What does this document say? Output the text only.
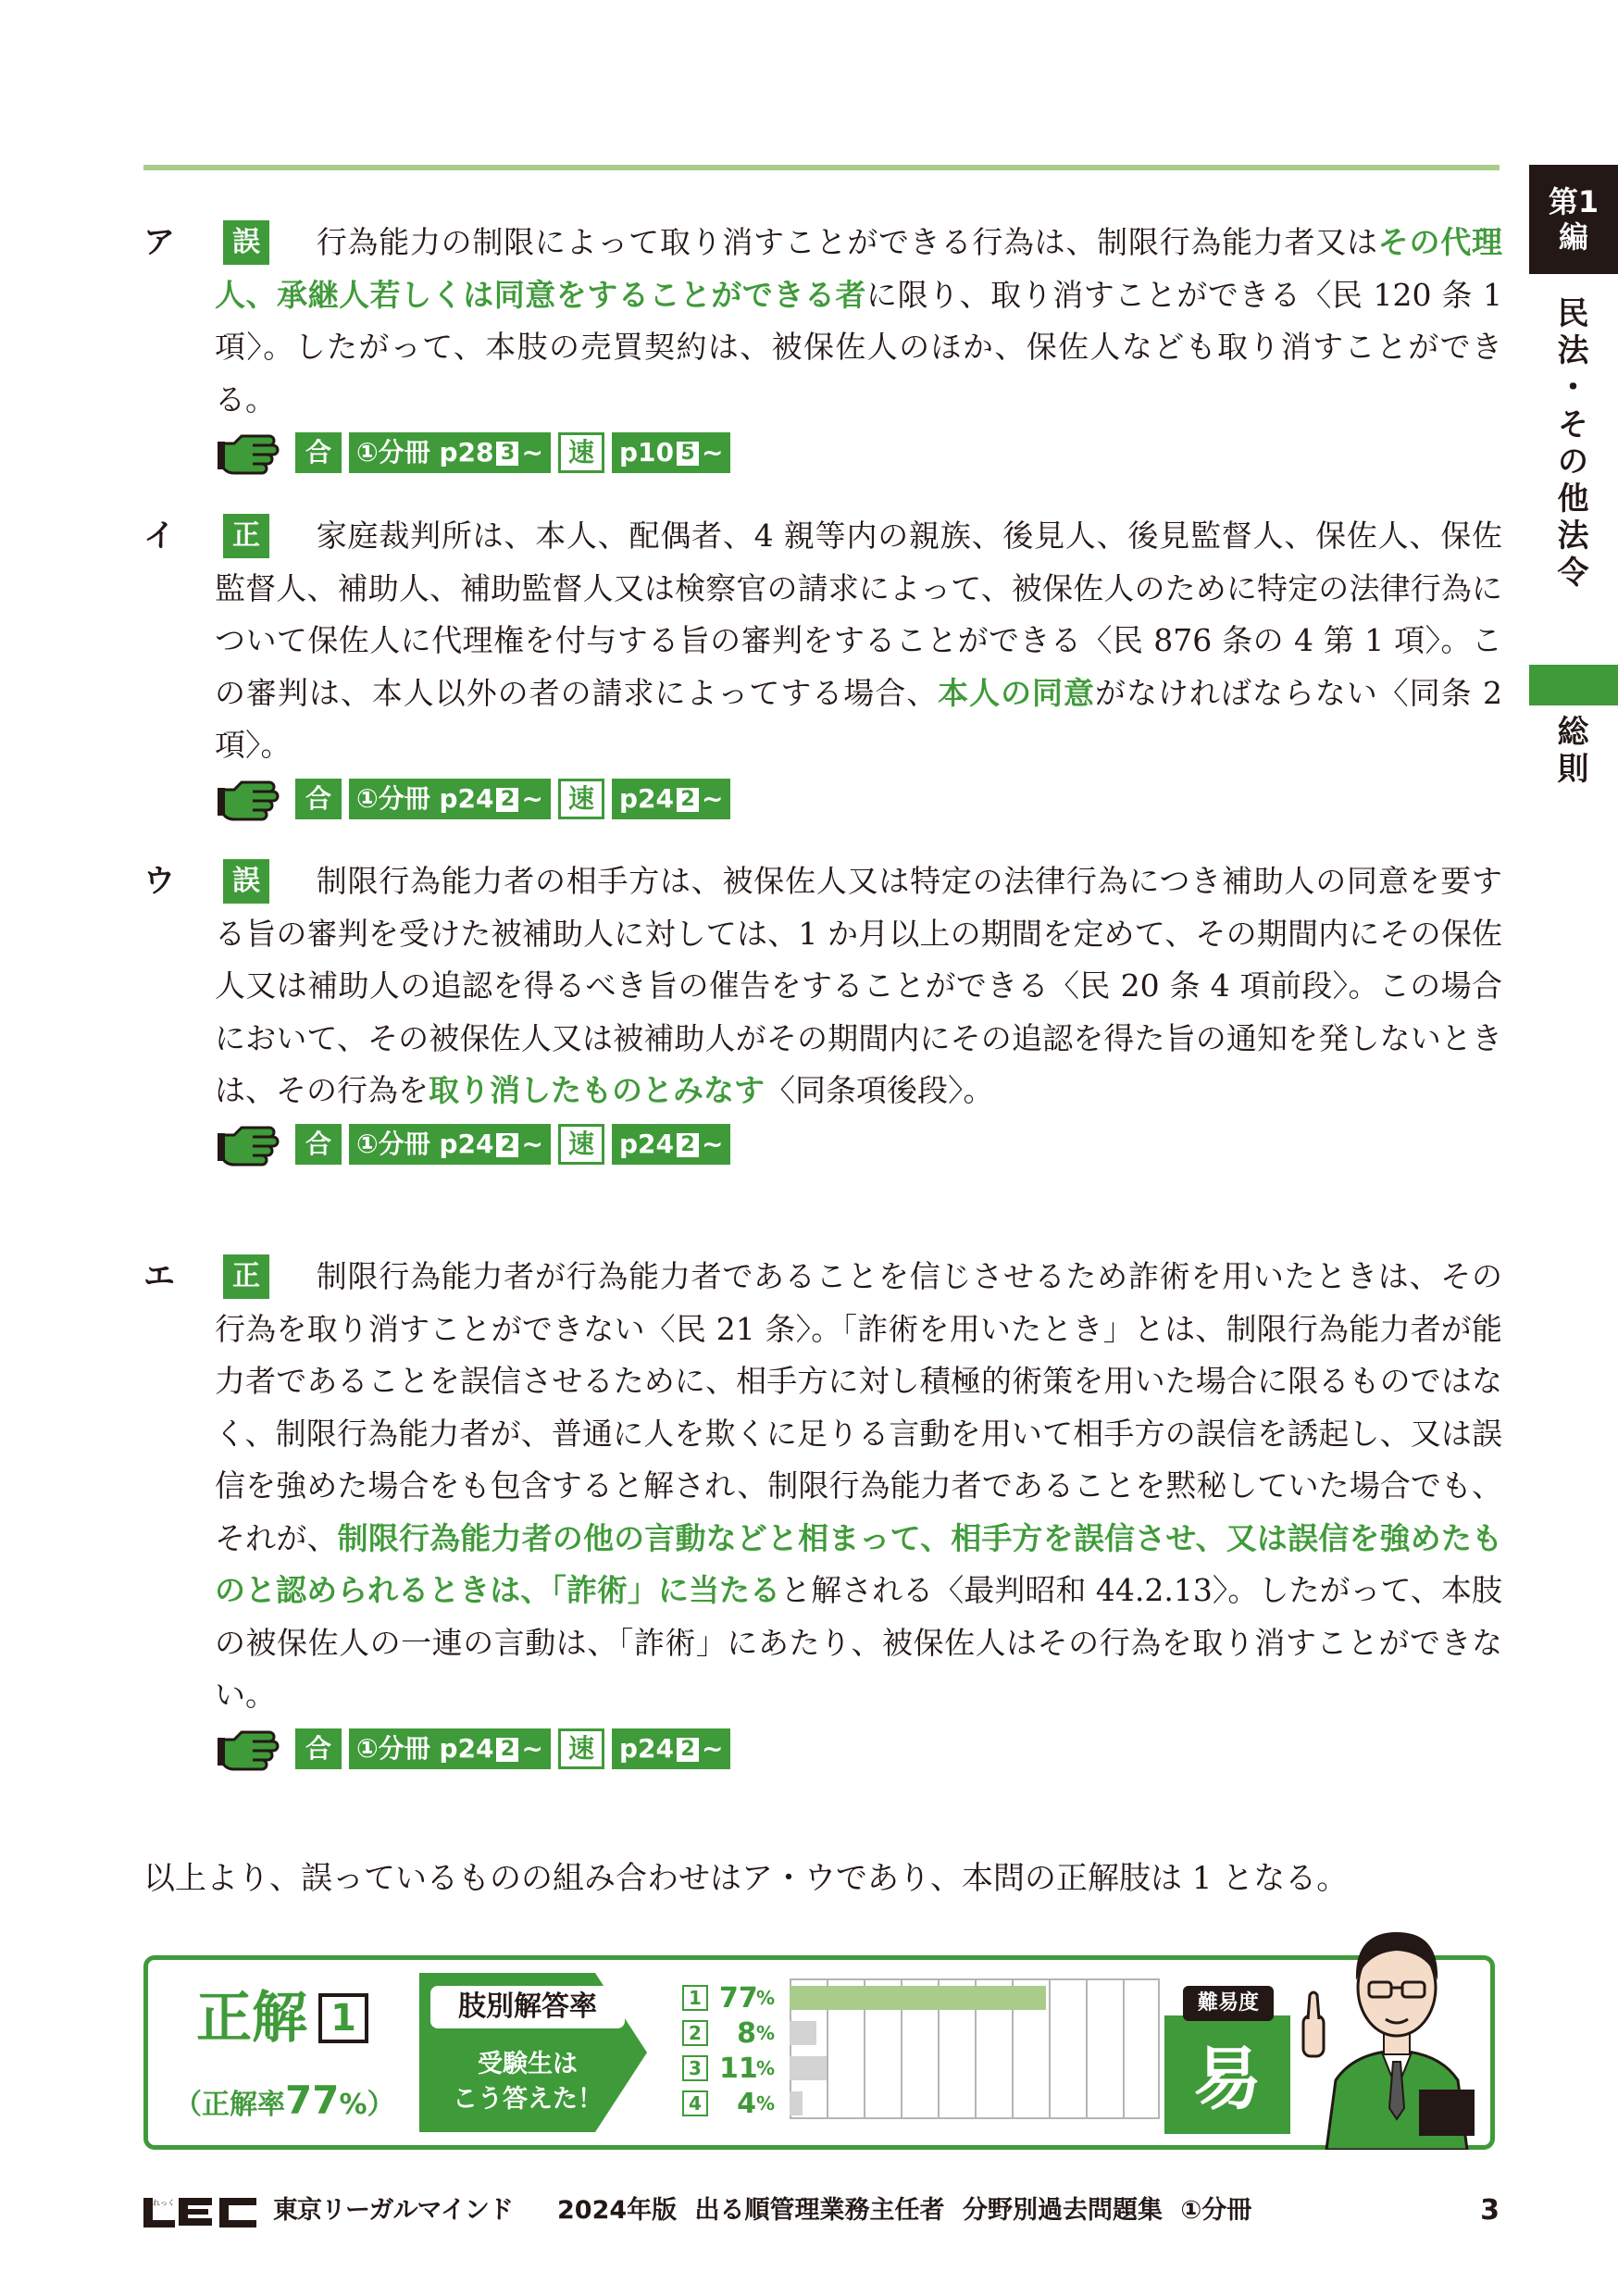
第1
編
民法・その他法令
総則
ア	誤	行為能力の制限によって取り消すことができる行為は、制限行為能力者又はその代理人、承継人若しくは同意をすることができる者に限り、取り消すことができる〈民 120 条 1 項〉。したがって、本肢の売買契約は、被保佐人のほか、保佐人なども取り消すことができる。
合 ①分冊 p28 3 ~ 速 p10 5 ~
イ	正	家庭裁判所は、本人、配偶者、4 親等内の親族、後見人、後見監督人、保佐人、保佐監督人、補助人、補助監督人又は検察官の請求によって、被保佐人のために特定の法律行為について保佐人に代理権を付与する旨の審判をすることができる〈民 876 条の 4 第 1 項〉。この審判は、本人以外の者の請求によってする場合、本人の同意がなければならない〈同条 2 項〉。
合 ①分冊 p24 2 ~ 速 p24 2 ~
ウ	誤	制限行為能力者の相手方は、被保佐人又は特定の法律行為につき補助人の同意を要する旨の審判を受けた被補助人に対しては、1 か月以上の期間を定めて、その期間内にその保佐人又は補助人の追認を得るべき旨の催告をすることができる〈民 20 条 4 項前段〉。この場合において、その被保佐人又は被補助人がその期間内にその追認を得た旨の通知を発しないときは、その行為を取り消したものとみなす〈同条項後段〉。
合 ①分冊 p24 2 ~ 速 p24 2 ~
エ	正	制限行為能力者が行為能力者であることを信じさせるため詐術を用いたときは、その行為を取り消すことができない〈民 21 条〉。「詐術を用いたとき」とは、制限行為能力者が能力者であることを誤信させるために、相手方に対し積極的術策を用いた場合に限るものではなく、制限行為能力者が、普通に人を欺くに足りる言動を用いて相手方の誤信を誘起し、又は誤信を強めた場合をも包含すると解され、制限行為能力者であることを黙秘していた場合でも、それが、制限行為能力者の他の言動などと相まって、相手方を誤信させ、又は誤信を強めたものと認められるときは、「詐術」に当たると解される〈最判昭和 44.2.13〉。したがって、本肢の被保佐人の一連の言動は、「詐術」にあたり、被保佐人はその行為を取り消すことができない。
合 ①分冊 p24 2 ~ 速 p24 2 ~
以上より、誤っているものの組み合わせはア・ウであり、本問の正解肢は 1 となる。
正解 1
（正解率77%）
肢別解答率
受験生は
こう答えた！
1 77
%
2	8 %
3 11
%
4	4 %
難易度
易
れっく	東京リーガルマインド 2024年版 出る順管理業務主任者 分野別過去問題集 ①分冊	3
